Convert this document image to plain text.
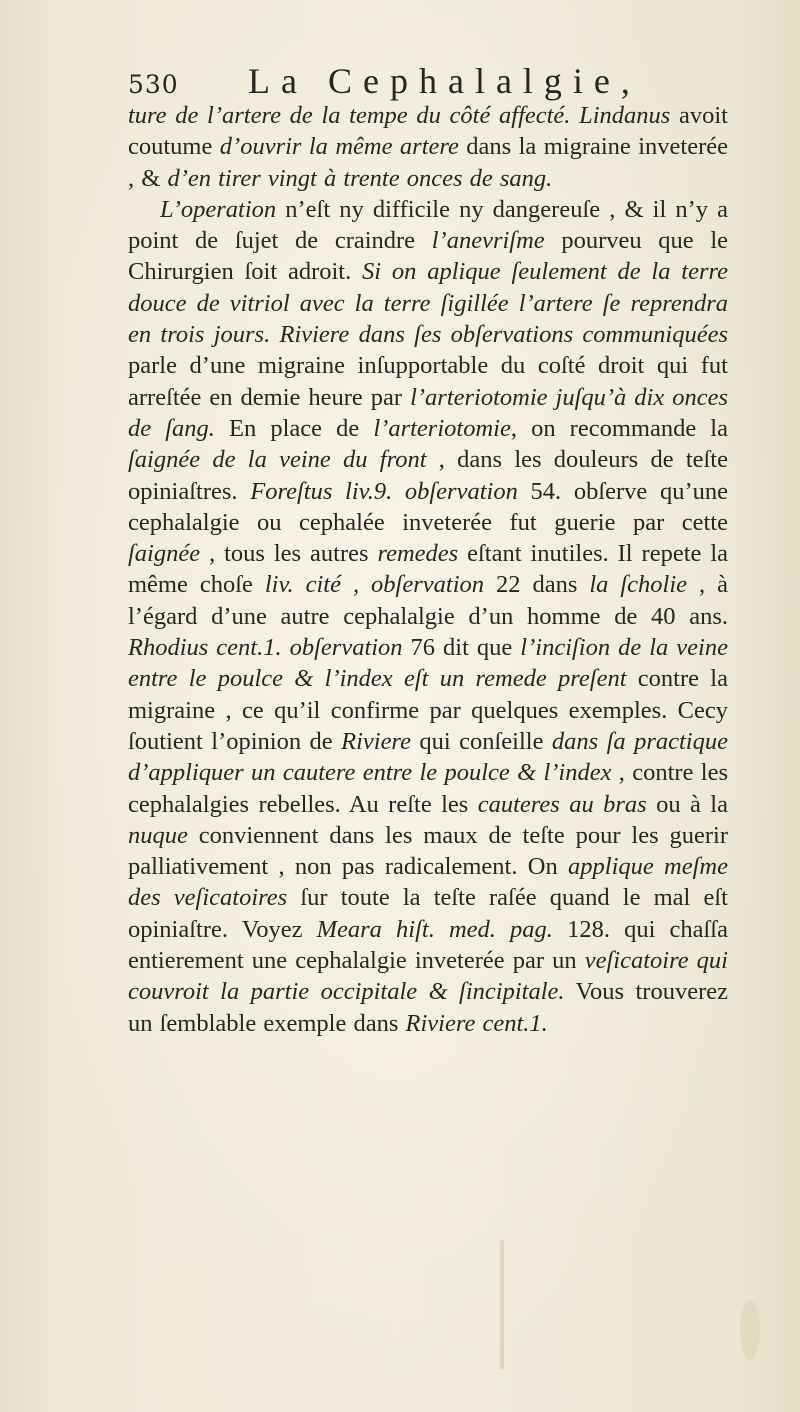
530 La Cephalalgie,

ture de l’artere de la tempe du côté affecté. Lindanus avoit coutume d’ouvrir la même artere dans la migraine inveterée , & d’en tirer vingt à trente onces de sang.

L’operation n’eſt ny difficile ny dangereuſe , & il n’y a point de ſujet de craindre l’anevriſme pourveu que le Chirurgien ſoit adroit. Si on aplique ſeulement de la terre douce de vitriol avec la terre ſigillée l’artere ſe reprendra en trois jours. Riviere dans ſes obſervations communiquées parle d’une migraine inſupportable du coſté droit qui fut arreſtée en demie heure par l’arteriotomie juſqu’à dix onces de ſang. En place de l’arteriotomie, on recommande la ſaignée de la veine du front , dans les douleurs de teſte opiniaſtres. Foreſtus liv.9. obſervation 54. obſerve qu’une cephalalgie ou cephalée inveterée fut guerie par cette ſaignée , tous les autres remedes eſtant inutiles. Il repete la même choſe liv. cité , obſervation 22 dans la ſcholie , à l’égard d’une autre cephalalgie d’un homme de 40 ans. Rhodius cent.1. obſervation 76 dit que l’inciſion de la veine entre le poulce & l’index eſt un remede preſent contre la migraine , ce qu’il confirme par quelques exemples. Cecy ſoutient l’opinion de Riviere qui conſeille dans ſa practique d’appliquer un cautere entre le poulce & l’index , contre les cephalalgies rebelles. Au reſte les cauteres au bras ou à la nuque conviennent dans les maux de teſte pour les guerir palliativement , non pas radicalement. On applique meſme des veſicatoires ſur toute la teſte raſée quand le mal eſt opiniaſtre. Voyez Meara hiſt. med. pag. 128. qui chaſſa entierement une cephalalgie inveterée par un veſicatoire qui couvroit la partie occipitale & ſincipitale. Vous trouverez un ſemblable exemple dans Riviere cent.1.
